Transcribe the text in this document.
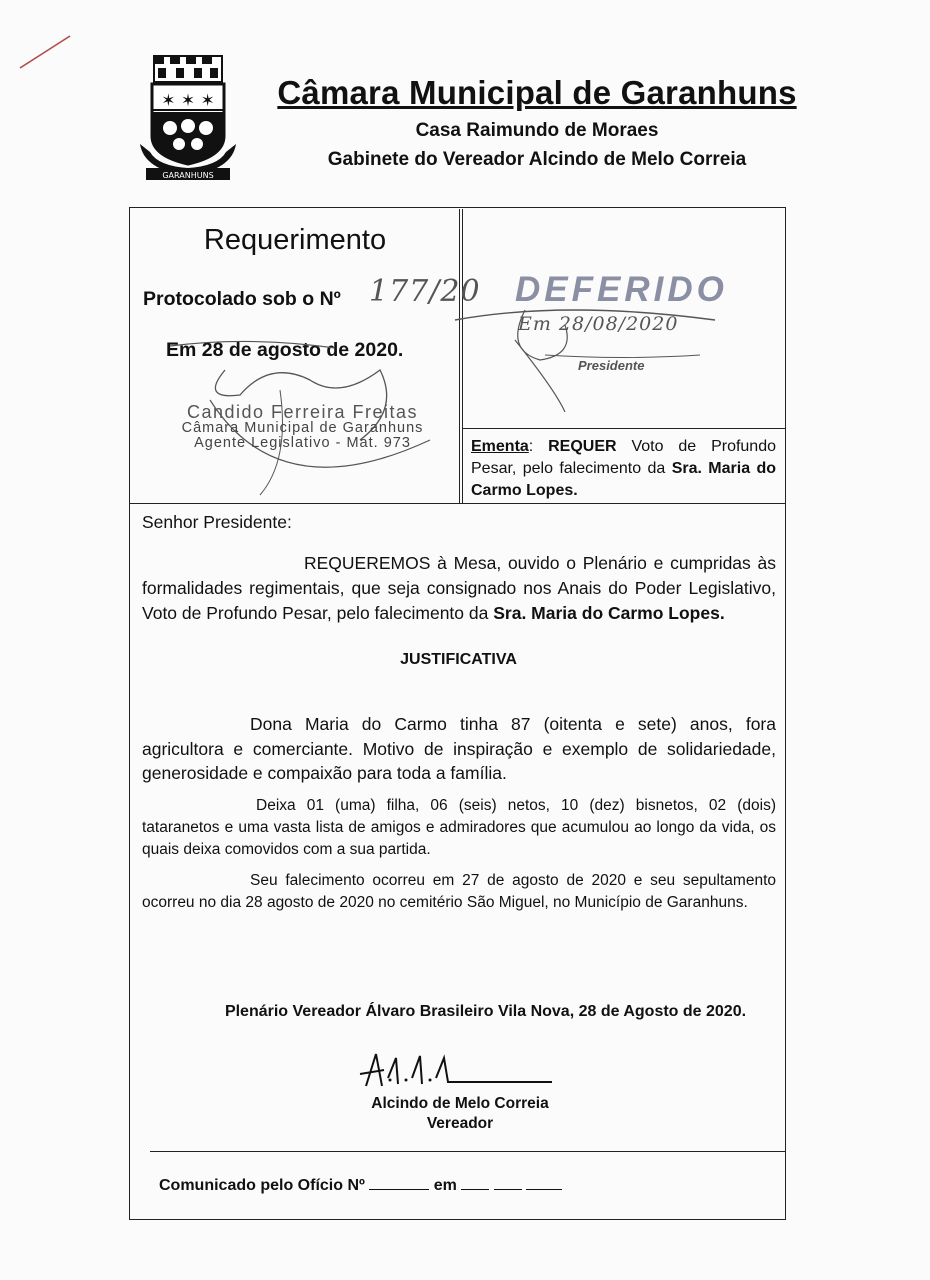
✶ ✶ ✶
GARANHUNS
Câmara Municipal de Garanhuns
Casa Raimundo de Moraes
Gabinete do Vereador Alcindo de Melo Correia
Requerimento
Protocolado sob o Nº 177/20
Em 28 de agosto de 2020.
Candido Ferreira Freitas
Câmara Municipal de Garanhuns
Agente Legislativo - Mat. 973
DEFERIDO
Em 28/08/2020
Presidente
Ementa: REQUER Voto de Profundo Pesar, pelo falecimento da Sra. Maria do Carmo Lopes.
Senhor Presidente:
REQUEREMOS à Mesa, ouvido o Plenário e cumpridas às formalidades regimentais, que seja consignado nos Anais do Poder Legislativo, Voto de Profundo Pesar, pelo falecimento da Sra. Maria do Carmo Lopes.
JUSTIFICATIVA
Dona Maria do Carmo tinha 87 (oitenta e sete) anos, fora agricultora e comerciante. Motivo de inspiração e exemplo de solidariedade, generosidade e compaixão para toda a família.
Deixa 01 (uma) filha, 06 (seis) netos, 10 (dez) bisnetos, 02 (dois) tataranetos e uma vasta lista de amigos e admiradores que acumulou ao longo da vida, os quais deixa comovidos com a sua partida.
Seu falecimento ocorreu em 27 de agosto de 2020 e seu sepultamento ocorreu no dia 28 agosto de 2020 no cemitério São Miguel, no Município de Garanhuns.
Plenário Vereador Álvaro Brasileiro Vila Nova, 28 de Agosto de 2020.
Alcindo de Melo Correia
Vereador
Comunicado pelo Ofício Nº	em
